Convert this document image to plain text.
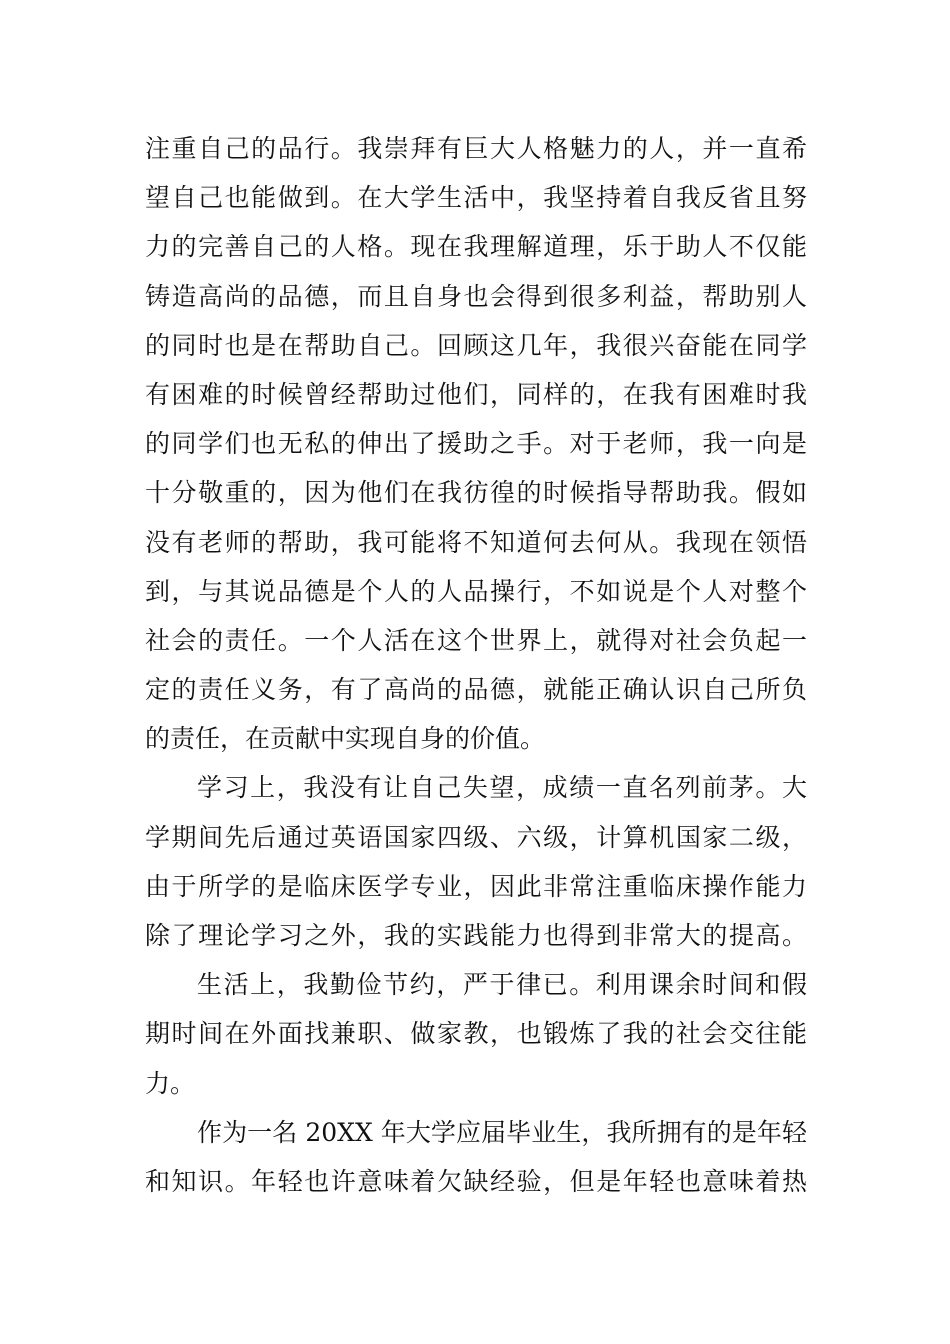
注重自己的品行。我崇拜有巨大人格魅力的人，并一直希
望自己也能做到。在大学生活中，我坚持着自我反省且努
力的完善自己的人格。现在我理解道理，乐于助人不仅能
铸造高尚的品德，而且自身也会得到很多利益，帮助别人
的同时也是在帮助自己。回顾这几年，我很兴奋能在同学
有困难的时候曾经帮助过他们，同样的，在我有困难时我
的同学们也无私的伸出了援助之手。对于老师，我一向是
十分敬重的，因为他们在我彷徨的时候指导帮助我。假如
没有老师的帮助，我可能将不知道何去何从。我现在领悟
到，与其说品德是个人的人品操行，不如说是个人对整个
社会的责任。一个人活在这个世界上，就得对社会负起一
定的责任义务，有了高尚的品德，就能正确认识自己所负
的责任，在贡献中实现自身的价值。
学习上，我没有让自己失望，成绩一直名列前茅。大
学期间先后通过英语国家四级、六级，计算机国家二级，
由于所学的是临床医学专业，因此非常注重临床操作能力
除了理论学习之外，我的实践能力也得到非常大的提高。
生活上，我勤俭节约，严于律已。利用课余时间和假
期时间在外面找兼职、做家教，也锻炼了我的社会交往能
力。
作为一名 20XX 年大学应届毕业生，我所拥有的是年轻
和知识。年轻也许意味着欠缺经验，但是年轻也意味着热
